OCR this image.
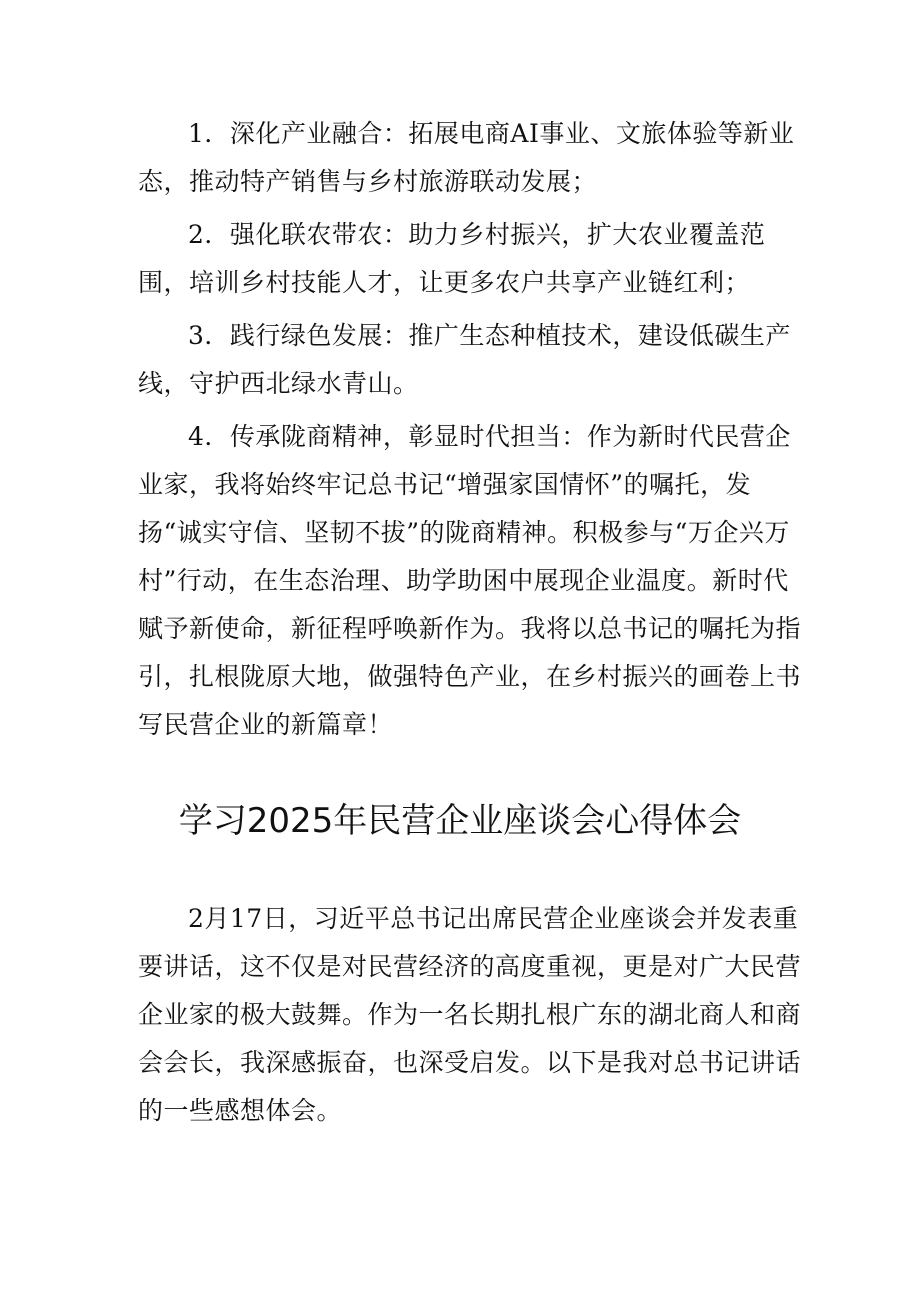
1．深化产业融合：拓展电商AI事业、文旅体验等新业态，推动特产销售与乡村旅游联动发展；

2．强化联农带农：助力乡村振兴，扩大农业覆盖范围，培训乡村技能人才，让更多农户共享产业链红利；

3．践行绿色发展：推广生态种植技术，建设低碳生产线，守护西北绿水青山。

4．传承陇商精神，彰显时代担当：作为新时代民营企业家，我将始终牢记总书记“增强家国情怀”的嘱托，发扬“诚实守信、坚韧不拔”的陇商精神。积极参与“万企兴万村”行动，在生态治理、助学助困中展现企业温度。新时代赋予新使命，新征程呼唤新作为。我将以总书记的嘱托为指引，扎根陇原大地，做强特色产业，在乡村振兴的画卷上书写民营企业的新篇章！

学习2025年民营企业座谈会心得体会

2月17日，习近平总书记出席民营企业座谈会并发表重要讲话，这不仅是对民营经济的高度重视，更是对广大民营企业家的极大鼓舞。作为一名长期扎根广东的湖北商人和商会会长，我深感振奋，也深受启发。以下是我对总书记讲话的一些感想体会。
